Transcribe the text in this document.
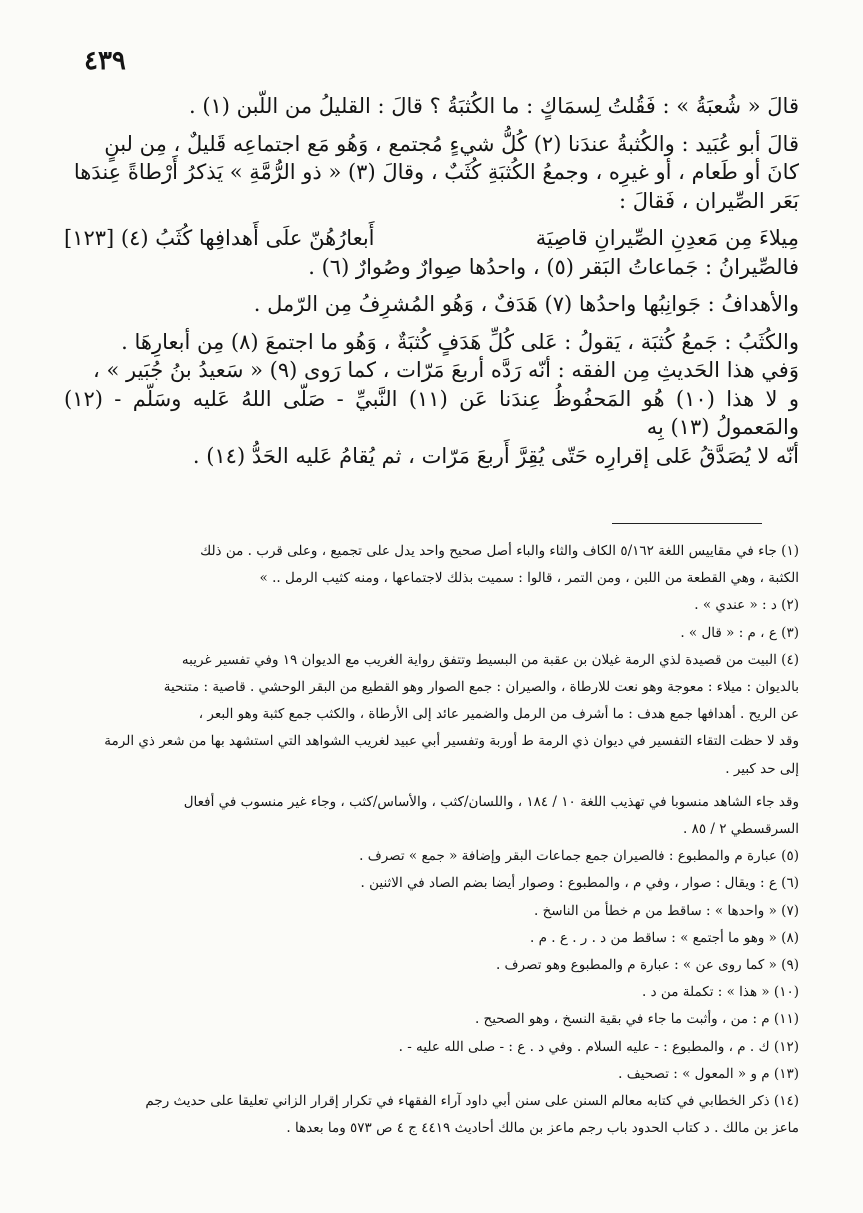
٤٣٩

قالَ « شُعبَةُ » : فَقُلتُ لِسمَاكٍ : ما الكُثبَةُ ؟ قالَ : القليلُ من اللّبن (١) .

قالَ أبو عُبَيد : والكُثبةُ عندَنا (٢) كُلُّ شيءٍ مُجتمع ، وَهُو مَع اجتماعِه قَليلٌ ، مِن لبنٍ

كانَ أو طَعام ، أو غيرِه ، وجمعُ الكُثبَةِ كُثَبٌ ، وقالَ (٣) « ذو الرُّمَّةِ » يَذكرُ أَرْطاةً عِندَها

بَعَر الصِّيران ، فَقالَ :

مِيلاءَ مِن مَعدِنِ الصِّيرانِ قاصِيَة
أَبعارُهُنّ علَى أَهدافِها كُثَبُ (٤) [١٢٣]

فالصِّيرانُ : جَماعاتُ البَقر (٥) ، واحدُها صِوارٌ وصُوارٌ (٦) .

والأهدافُ : جَوانِبُها واحدُها (٧) هَدَفٌ ، وَهُو المُشرِفُ مِن الرّمل .

والكُثَبُ : جَمعُ كُثبَة ، يَقولُ : عَلى كُلِّ هَدَفٍ كُثبَةٌ ، وَهُو ما اجتمعَ (٨) مِن أبعارِهَا .

وَفي هذا الحَديثِ مِن الفقه : أنّه رَدَّه أربعَ مَرّات ، كما رَوى (٩) « سَعيدُ بنُ جُبَير » ،

و لا هذا (١٠) هُو المَحفُوظُ عِندَنا عَن (١١) النَّبيِّ - صَلّى اللهُ عَليه وسَلّم - (١٢) والمَعمولُ (١٣) بِه

أنّه لا يُصَدَّقُ عَلى إقرارِه حَتّى يُقِرَّ أَربعَ مَرّات ، ثم يُقامُ عَليه الحَدُّ (١٤) .

(١) جاء في مقاييس اللغة ٥/١٦٢ الكاف والثاء والباء أصل صحيح واحد يدل على تجميع ، وعلى قرب . من ذلك

الكثبة ، وهي القطعة من اللبن ، ومن التمر ، قالوا : سميت بذلك لاجتماعها ، ومنه كثيب الرمل .. »

(٢) د : « عندي » .

(٣) ع ، م : « قال » .

(٤) البيت من قصيدة لذي الرمة غيلان بن عقبة من البسيط وتتفق رواية الغريب مع الديوان ١٩ وفي تفسير غريبه

بالديوان : ميلاء : معوجة وهو نعت للارطاة ، والصيران : جمع الصوار وهو القطيع من البقر الوحشي . قاصية : متنحية

عن الريح . أهدافها جمع هدف : ما أشرف من الرمل والضمير عائد إلى الأرطاة ، والكثب جمع كثبة وهو البعر ،

وقد لا حظت التقاء التفسير في ديوان ذي الرمة ط أوربة وتفسير أبي عبيد لغريب الشواهد التي استشهد بها من شعر ذي الرمة

إلى حد كبير .

وقد جاء الشاهد منسوبا في تهذيب اللغة ١٠ / ١٨٤ ، واللسان/كثب ، والأساس/كثب ، وجاء غير منسوب في أفعال

السرقسطي ٢ / ٨٥ .

(٥) عبارة م والمطبوع : فالصيران جمع جماعات البقر وإضافة « جمع » تصرف .

(٦) ع : ويقال : صوار ، وفي م ، والمطبوع : وصوار أيضا بضم الصاد في الاثنين .

(٧) « واحدها » : ساقط من م خطأ من الناسخ .

(٨) « وهو ما أجتمع » : ساقط من د . ر . ع . م .

(٩) « كما روى عن » : عبارة م والمطبوع وهو تصرف .

(١٠) « هذا » : تكملة من د .

(١١) م : من ، وأثبت ما جاء في بقية النسخ ، وهو الصحيح .

(١٢) ك . م ، والمطبوع : - عليه السلام . وفي د . ع : - صلى الله عليه - .

(١٣) م و « المعول » : تصحيف .

(١٤) ذكر الخطابي في كتابه معالم السنن على سنن أبي داود آراء الفقهاء في تكرار إقرار الزاني تعليقا على حديث رجم

ماعز بن مالك . د كتاب الحدود باب رجم ماعز بن مالك أحاديث ٤٤١٩ ج ٤ ص ٥٧٣ وما بعدها .
